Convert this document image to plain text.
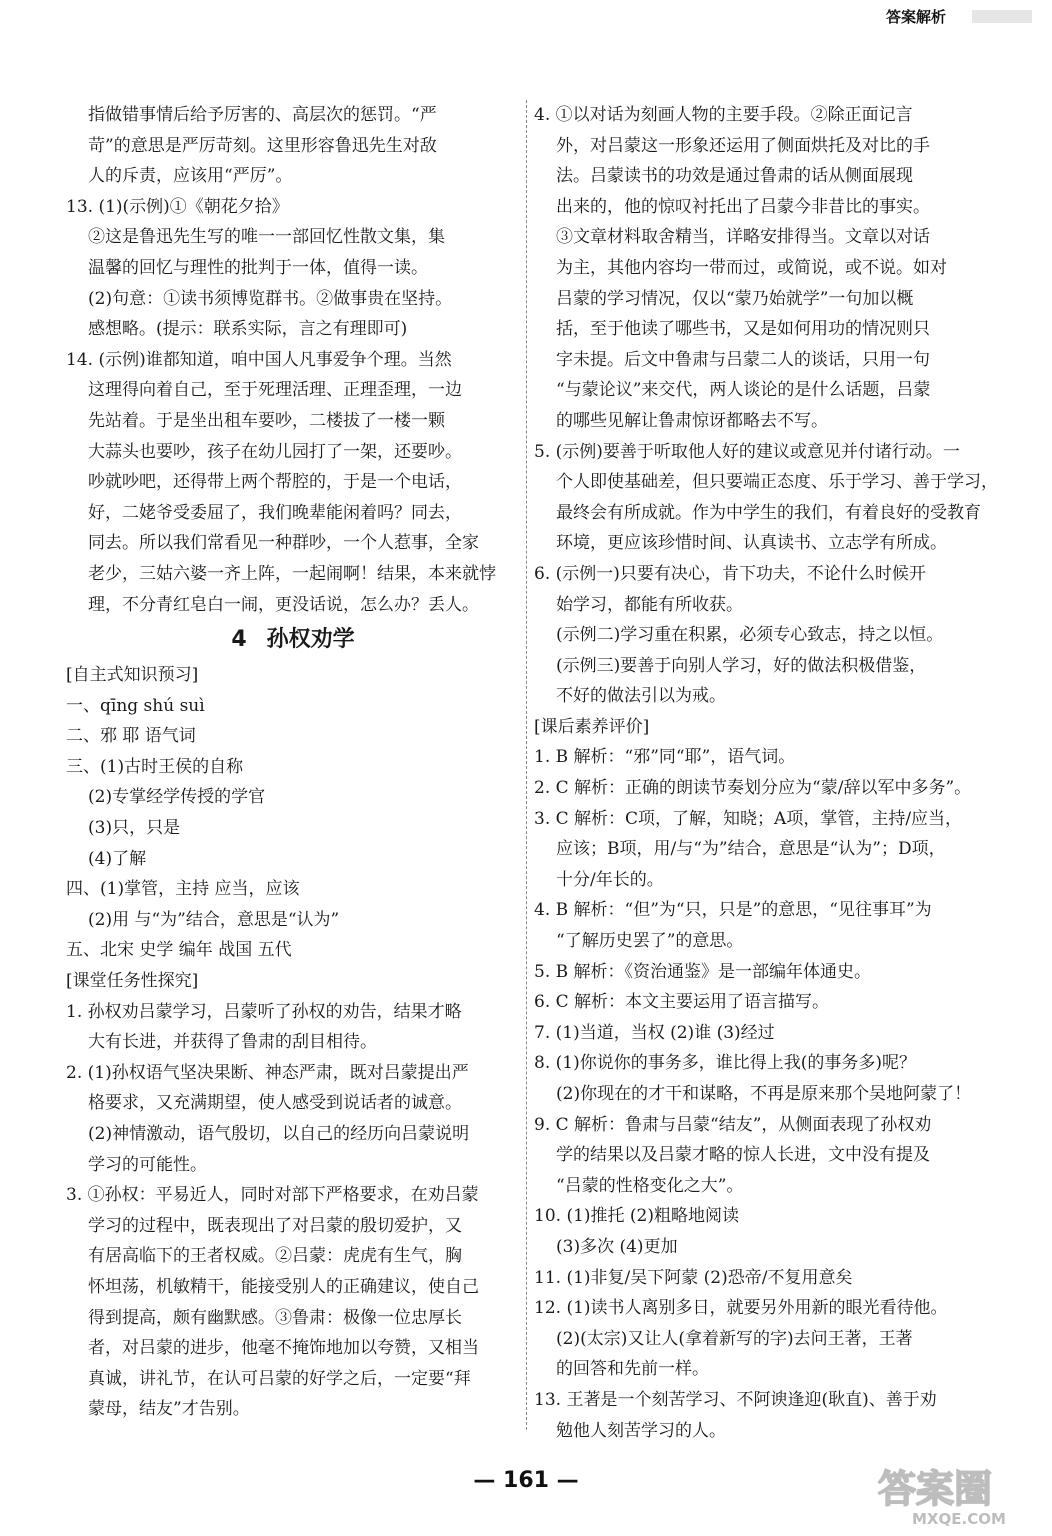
答案解析
指做错事情后给予厉害的、高层次的惩罚。“严
苛”的意思是严厉苛刻。这里形容鲁迅先生对敌
人的斥责，应该用“严厉”。
13. (1)(示例)①《朝花夕拾》
②这是鲁迅先生写的唯一一部回忆性散文集，集
温馨的回忆与理性的批判于一体，值得一读。
(2)句意：①读书须博览群书。②做事贵在坚持。
感想略。(提示：联系实际，言之有理即可)
14. (示例)谁都知道，咱中国人凡事爱争个理。当然
这理得向着自己，至于死理活理、正理歪理，一边
先站着。于是坐出租车要吵，二楼拔了一楼一颗
大蒜头也要吵，孩子在幼儿园打了一架，还要吵。
吵就吵吧，还得带上两个帮腔的，于是一个电话，
好，二姥爷受委屈了，我们晚辈能闲着吗？同去，
同去。所以我们常看见一种群吵，一个人惹事，全家
老少，三姑六婆一齐上阵，一起闹啊！结果，本来就悖
理，不分青红皂白一闹，更没话说，怎么办？丢人。
4 孙权劝学
[自主式知识预习]
一、qīng shú suì
二、邪 耶 语气词
三、(1)古时王侯的自称
(2)专掌经学传授的学官
(3)只，只是
(4)了解
四、(1)掌管，主持 应当，应该
(2)用 与“为”结合，意思是“认为”
五、北宋 史学 编年 战国 五代
[课堂任务性探究]
1. 孙权劝吕蒙学习，吕蒙听了孙权的劝告，结果才略
大有长进，并获得了鲁肃的刮目相待。
2. (1)孙权语气坚决果断、神态严肃，既对吕蒙提出严
格要求，又充满期望，使人感受到说话者的诚意。
(2)神情激动，语气殷切，以自己的经历向吕蒙说明
学习的可能性。
3. ①孙权：平易近人，同时对部下严格要求，在劝吕蒙
学习的过程中，既表现出了对吕蒙的殷切爱护，又
有居高临下的王者权威。②吕蒙：虎虎有生气，胸
怀坦荡，机敏精干，能接受别人的正确建议，使自己
得到提高，颇有幽默感。③鲁肃：极像一位忠厚长
者，对吕蒙的进步，他毫不掩饰地加以夸赞，又相当
真诚，讲礼节，在认可吕蒙的好学之后，一定要“拜
蒙母，结友”才告别。
4. ①以对话为刻画人物的主要手段。②除正面记言
外，对吕蒙这一形象还运用了侧面烘托及对比的手
法。吕蒙读书的功效是通过鲁肃的话从侧面展现
出来的，他的惊叹衬托出了吕蒙今非昔比的事实。
③文章材料取舍精当，详略安排得当。文章以对话
为主，其他内容均一带而过，或简说，或不说。如对
吕蒙的学习情况，仅以“蒙乃始就学”一句加以概
括，至于他读了哪些书，又是如何用功的情况则只
字未提。后文中鲁肃与吕蒙二人的谈话，只用一句
“与蒙论议”来交代，两人谈论的是什么话题，吕蒙
的哪些见解让鲁肃惊讶都略去不写。
5. (示例)要善于听取他人好的建议或意见并付诸行动。一
个人即使基础差，但只要端正态度、乐于学习、善于学习，
最终会有所成就。作为中学生的我们，有着良好的受教育
环境，更应该珍惜时间、认真读书、立志学有所成。
6. (示例一)只要有决心，肯下功夫，不论什么时候开
始学习，都能有所收获。
(示例二)学习重在积累，必须专心致志，持之以恒。
(示例三)要善于向别人学习，好的做法积极借鉴，
不好的做法引以为戒。
[课后素养评价]
1. B 解析：“邪”同“耶”，语气词。
2. C 解析：正确的朗读节奏划分应为“蒙/辞以军中多务”。
3. C 解析：C项，了解，知晓；A项，掌管，主持/应当，
应该；B项，用/与“为”结合，意思是“认为”；D项，
十分/年长的。
4. B 解析：“但”为“只，只是”的意思，“见往事耳”为
“了解历史罢了”的意思。
5. B 解析：《资治通鉴》是一部编年体通史。
6. C 解析：本文主要运用了语言描写。
7. (1)当道，当权 (2)谁 (3)经过
8. (1)你说你的事务多，谁比得上我(的事务多)呢？
(2)你现在的才干和谋略，不再是原来那个吴地阿蒙了！
9. C 解析：鲁肃与吕蒙“结友”，从侧面表现了孙权劝
学的结果以及吕蒙才略的惊人长进，文中没有提及
“吕蒙的性格变化之大”。
10. (1)推托 (2)粗略地阅读
(3)多次 (4)更加
11. (1)非复/吴下阿蒙 (2)恐帝/不复用意矣
12. (1)读书人离别多日，就要另外用新的眼光看待他。
(2)(太宗)又让人(拿着新写的字)去问王著，王著
的回答和先前一样。
13. 王著是一个刻苦学习、不阿谀逢迎(耿直)、善于劝
勉他人刻苦学习的人。
— 161 —	答案圈
MXQE.COM
